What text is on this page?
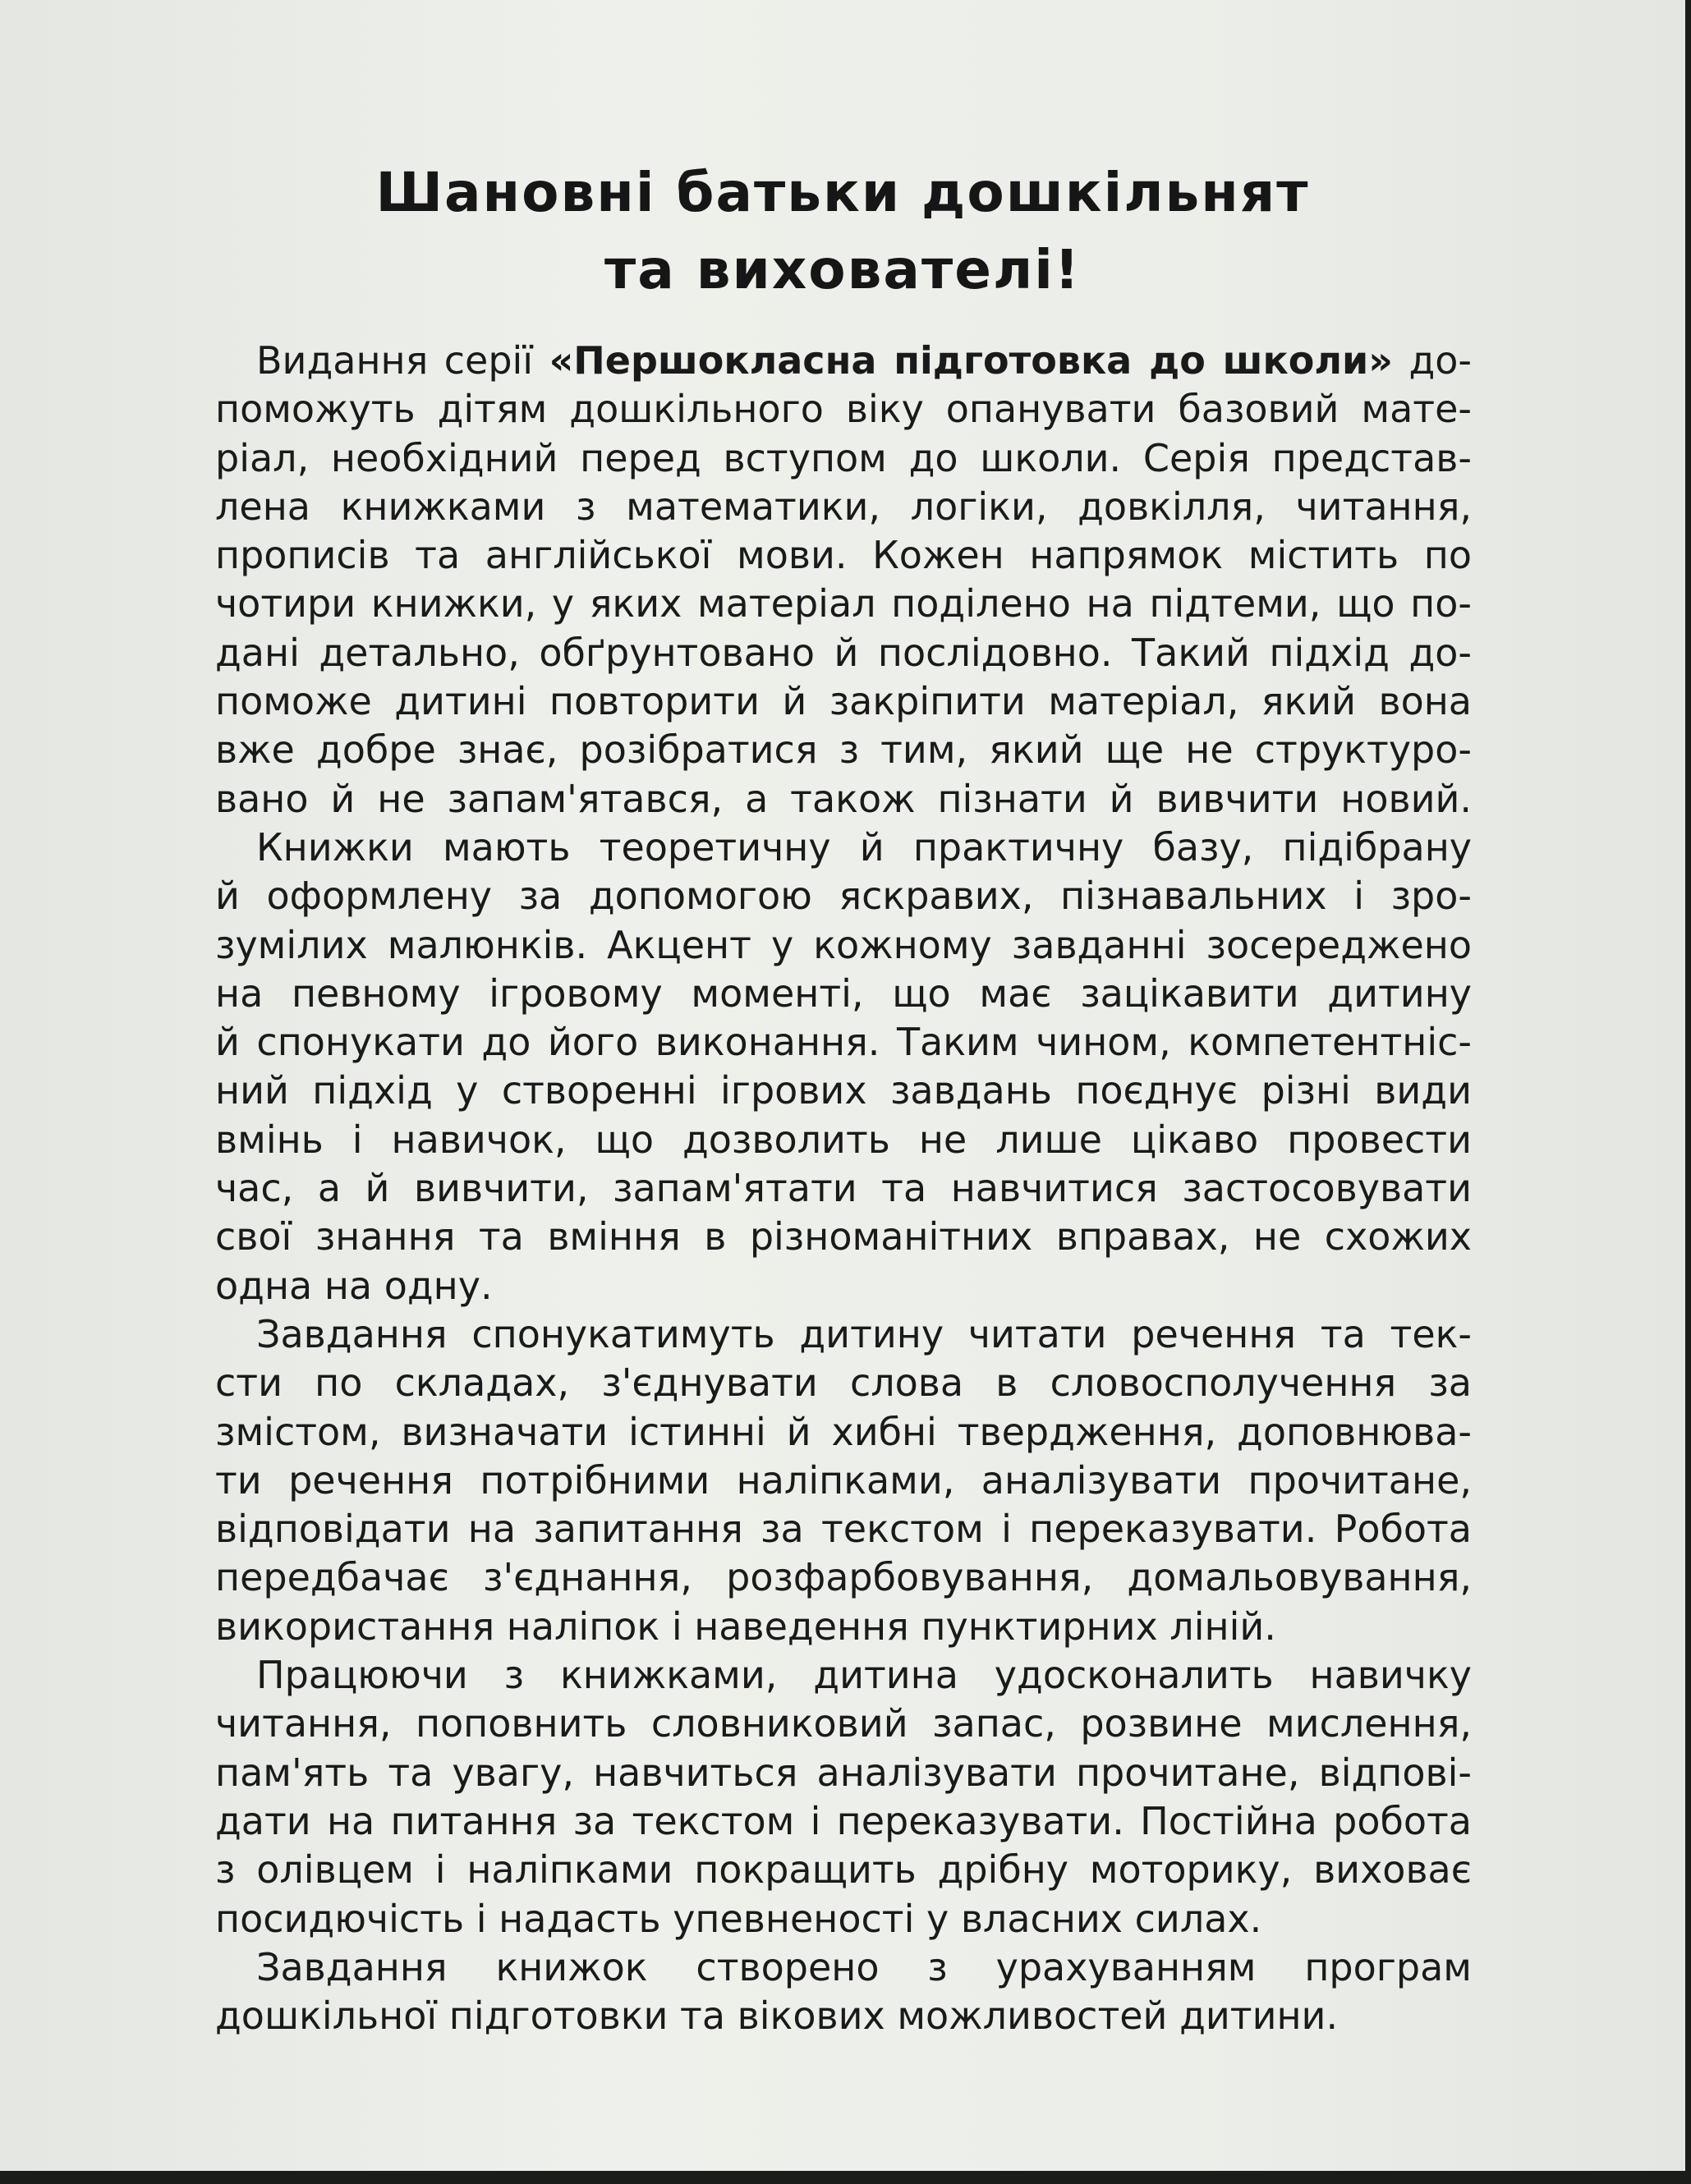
Шановні батьки дошкільнят
та вихователі!
Видання серії «Першокласна підготовка до школи» до-
поможуть дітям дошкільного віку опанувати базовий мате-
ріал, необхідний перед вступом до школи. Серія представ-
лена книжками з математики, логіки, довкілля, читання,
прописів та англійської мови. Кожен напрямок містить по
чотири книжки, у яких матеріал поділено на підтеми, що по-
дані детально, обґрунтовано й послідовно. Такий підхід до-
поможе дитині повторити й закріпити матеріал, який вона
вже добре знає, розібратися з тим, який ще не структуро-
вано й не запам'ятався, а також пізнати й вивчити новий.
Книжки мають теоретичну й практичну базу, підібрану
й оформлену за допомогою яскравих, пізнавальних і зро-
зумілих малюнків. Акцент у кожному завданні зосереджено
на певному ігровому моменті, що має зацікавити дитину
й спонукати до його виконання. Таким чином, компетентніс-
ний підхід у створенні ігрових завдань поєднує різні види
вмінь і навичок, що дозволить не лише цікаво провести
час, а й вивчити, запам'ятати та навчитися застосовувати
свої знання та вміння в різноманітних вправах, не схожих
одна на одну.
Завдання спонукатимуть дитину читати речення та тек-
сти по складах, з'єднувати слова в словосполучення за
змістом, визначати істинні й хибні твердження, доповнюва-
ти речення потрібними наліпками, аналізувати прочитане,
відповідати на запитання за текстом і переказувати. Робота
передбачає з'єднання, розфарбовування, домальовування,
використання наліпок і наведення пунктирних ліній.
Працюючи з книжками, дитина удосконалить навичку
читання, поповнить словниковий запас, розвине мислення,
пам'ять та увагу, навчиться аналізувати прочитане, відпові-
дати на питання за текстом і переказувати. Постійна робота
з олівцем і наліпками покращить дрібну моторику, виховає
посидючість і надасть упевненості у власних силах.
Завдання книжок створено з урахуванням програм
дошкільної підготовки та вікових можливостей дитини.
